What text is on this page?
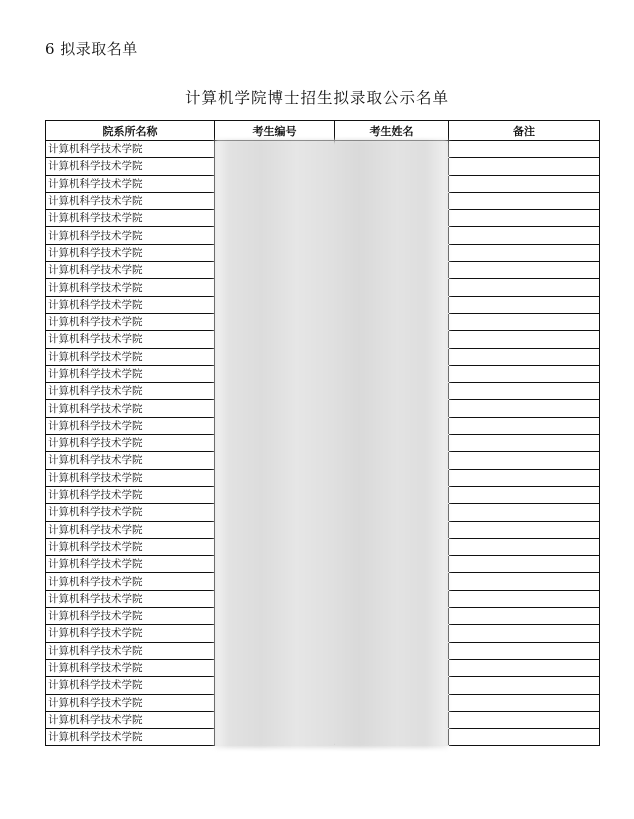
6 拟录取名单
计算机学院博士招生拟录取公示名单
院系所名称	考生编号	考生姓名	备注
计算机科学技术学院			
计算机科学技术学院			
计算机科学技术学院			
计算机科学技术学院			
计算机科学技术学院			
计算机科学技术学院			
计算机科学技术学院			
计算机科学技术学院			
计算机科学技术学院			
计算机科学技术学院			
计算机科学技术学院			
计算机科学技术学院			
计算机科学技术学院			
计算机科学技术学院			
计算机科学技术学院			
计算机科学技术学院			
计算机科学技术学院			
计算机科学技术学院			
计算机科学技术学院			
计算机科学技术学院			
计算机科学技术学院			
计算机科学技术学院			
计算机科学技术学院			
计算机科学技术学院			
计算机科学技术学院			
计算机科学技术学院			
计算机科学技术学院			
计算机科学技术学院			
计算机科学技术学院			
计算机科学技术学院			
计算机科学技术学院			
计算机科学技术学院			
计算机科学技术学院			
计算机科学技术学院			
计算机科学技术学院			
